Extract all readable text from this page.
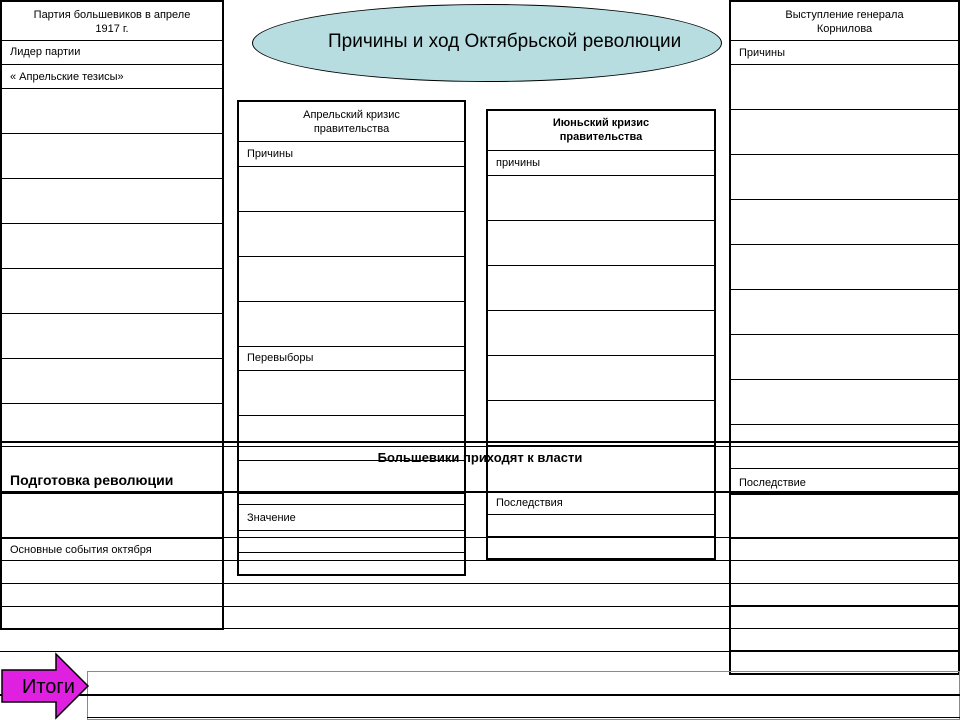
Причины и ход Октябрьской революции
Партия большевиков в апреле 1917 г.
Лидер партии
« Апрельские тезисы»
Подготовка революции
Основные события октября
Апрельский кризис правительства
Причины
Перевыборы
Значение
Июньский кризис правительства
причины
Последствия
Выступление генерала Корнилова
Причины
Последствие
Большевики приходят к власти
Итоги
